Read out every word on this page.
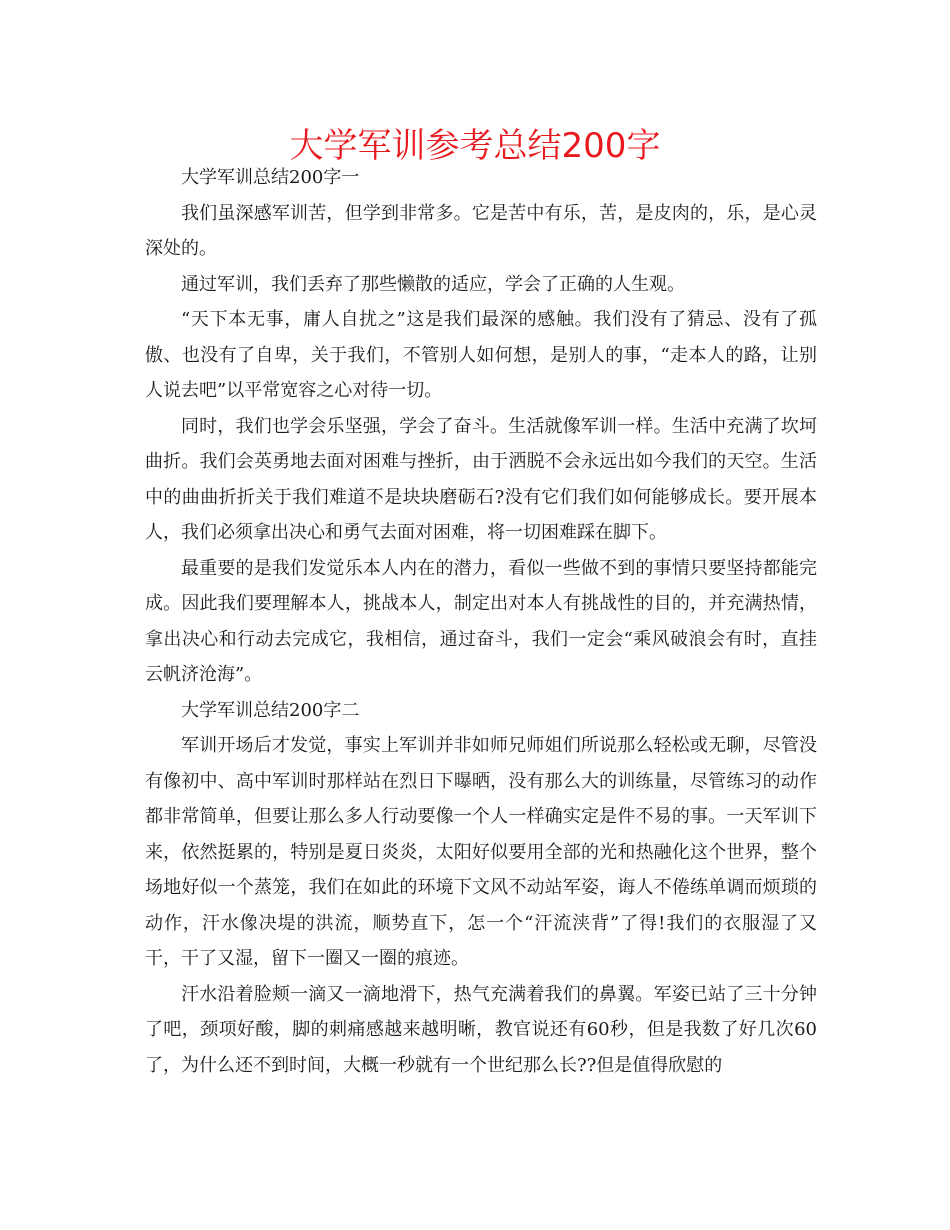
大学军训参考总结200字

大学军训总结200字一

我们虽深感军训苦，但学到非常多。它是苦中有乐，苦，是皮肉的，乐，是心灵深处的。

通过军训，我们丢弃了那些懒散的适应，学会了正确的人生观。

“天下本无事，庸人自扰之”这是我们最深的感触。我们没有了猜忌、没有了孤傲、也没有了自卑，关于我们，不管别人如何想，是别人的事，“走本人的路，让别人说去吧”以平常宽容之心对待一切。

同时，我们也学会乐坚强，学会了奋斗。生活就像军训一样。生活中充满了坎坷曲折。我们会英勇地去面对困难与挫折，由于洒脱不会永远出如今我们的天空。生活中的曲曲折折关于我们难道不是块块磨砺石?没有它们我们如何能够成长。要开展本人，我们必须拿出决心和勇气去面对困难，将一切困难踩在脚下。

最重要的是我们发觉乐本人内在的潜力，看似一些做不到的事情只要坚持都能完成。因此我们要理解本人，挑战本人，制定出对本人有挑战性的目的，并充满热情，拿出决心和行动去完成它，我相信，通过奋斗，我们一定会“乘风破浪会有时，直挂云帆济沧海”。

大学军训总结200字二

军训开场后才发觉，事实上军训并非如师兄师姐们所说那么轻松或无聊，尽管没有像初中、高中军训时那样站在烈日下曝晒，没有那么大的训练量，尽管练习的动作都非常简单，但要让那么多人行动要像一个人一样确实定是件不易的事。一天军训下来，依然挺累的，特别是夏日炎炎，太阳好似要用全部的光和热融化这个世界，整个场地好似一个蒸笼，我们在如此的环境下文风不动站军姿，诲人不倦练单调而烦琐的动作，汗水像决堤的洪流，顺势直下，怎一个“汗流浃背”了得!我们的衣服湿了又干，干了又湿，留下一圈又一圈的痕迹。

汗水沿着脸颊一滴又一滴地滑下，热气充满着我们的鼻翼。军姿已站了三十分钟了吧，颈项好酸，脚的刺痛感越来越明晰，教官说还有60秒，但是我数了好几次60了，为什么还不到时间，大概一秒就有一个世纪那么长??但是值得欣慰的
